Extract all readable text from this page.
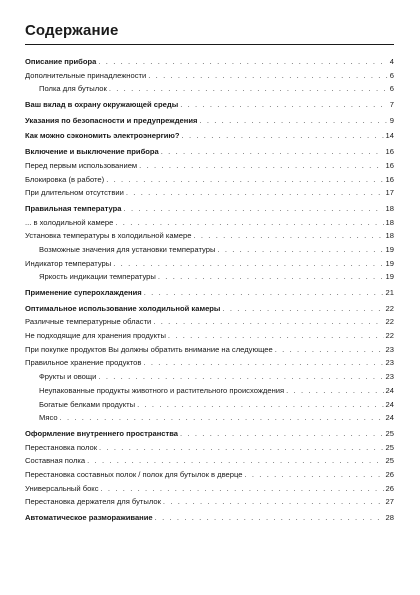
Содержание
Описание прибора . . .	4
Дополнительные принадлежности . . .	6
Полка для бутылок . . .	6
Ваш вклад в охрану окружающей среды . . .	7
Указания по безопасности и предупреждения . . .	9
Как можно сэкономить электроэнергию? . . .	14
Включение и выключение прибора . . .	16
Перед первым использованием . . .	16
Блокировка (в работе) . . .	16
При длительном отсутствии . . .	17
Правильная температура . . .	18
... в холодильной камере . . .	18
Установка температуры в холодильной камере . . .	18
Возможные значения для установки температуры . . .	19
Индикатор температуры . . .	19
Яркость индикации температуры . . .	19
Применение суперохлаждения . . .	21
Оптимальное использование холодильной камеры . . .	22
Различные температурные области . . .	22
Не подходящие для хранения продукты . . .	22
При покупке продуктов Вы должны обратить внимание на следующее . . .	23
Правильное хранение продуктов . . .	23
Фрукты и овощи . . .	23
Неупакованные продукты животного и растительного происхождения . . .	24
Богатые белками продукты . . .	24
Мясо . . .	24
Оформление внутреннего пространства . . .	25
Перестановка полок . . .	25
Составная полка . . .	25
Перестановка составных полок / полок для бутылок в дверце . . .	26
Универсальный бокс . . .	26
Перестановка держателя для бутылок . . .	27
Автоматическое размораживание . . .	28
